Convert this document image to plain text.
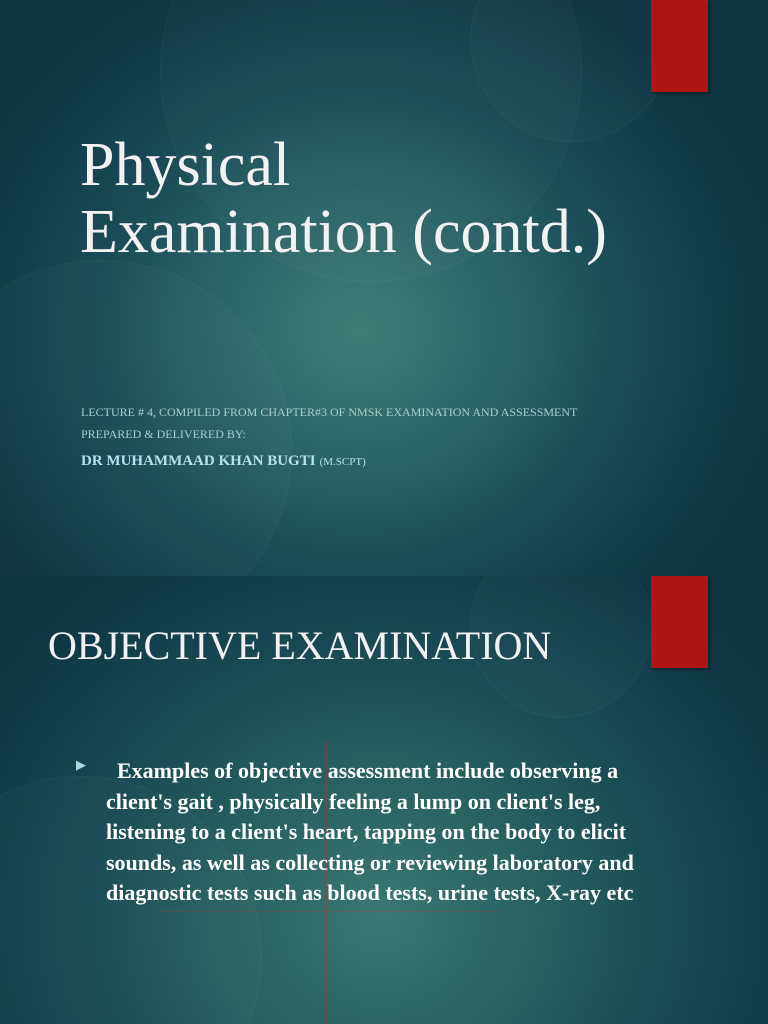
Physical Examination (contd.)

LECTURE # 4, COMPILED FROM CHAPTER#3 OF NMSK EXAMINATION AND ASSESSMENT

PREPARED & DELIVERED BY:

DR MUHAMMAAD KHAN BUGTI (M.SCPT)

OBJECTIVE EXAMINATION
▶	Examples of objective assessment include observing a client's gait , physically feeling a lump on client's leg, listening to a client's heart, tapping on the body to elicit sounds, as well as collecting or reviewing laboratory and diagnostic tests such as blood tests, urine tests, X-ray etc
